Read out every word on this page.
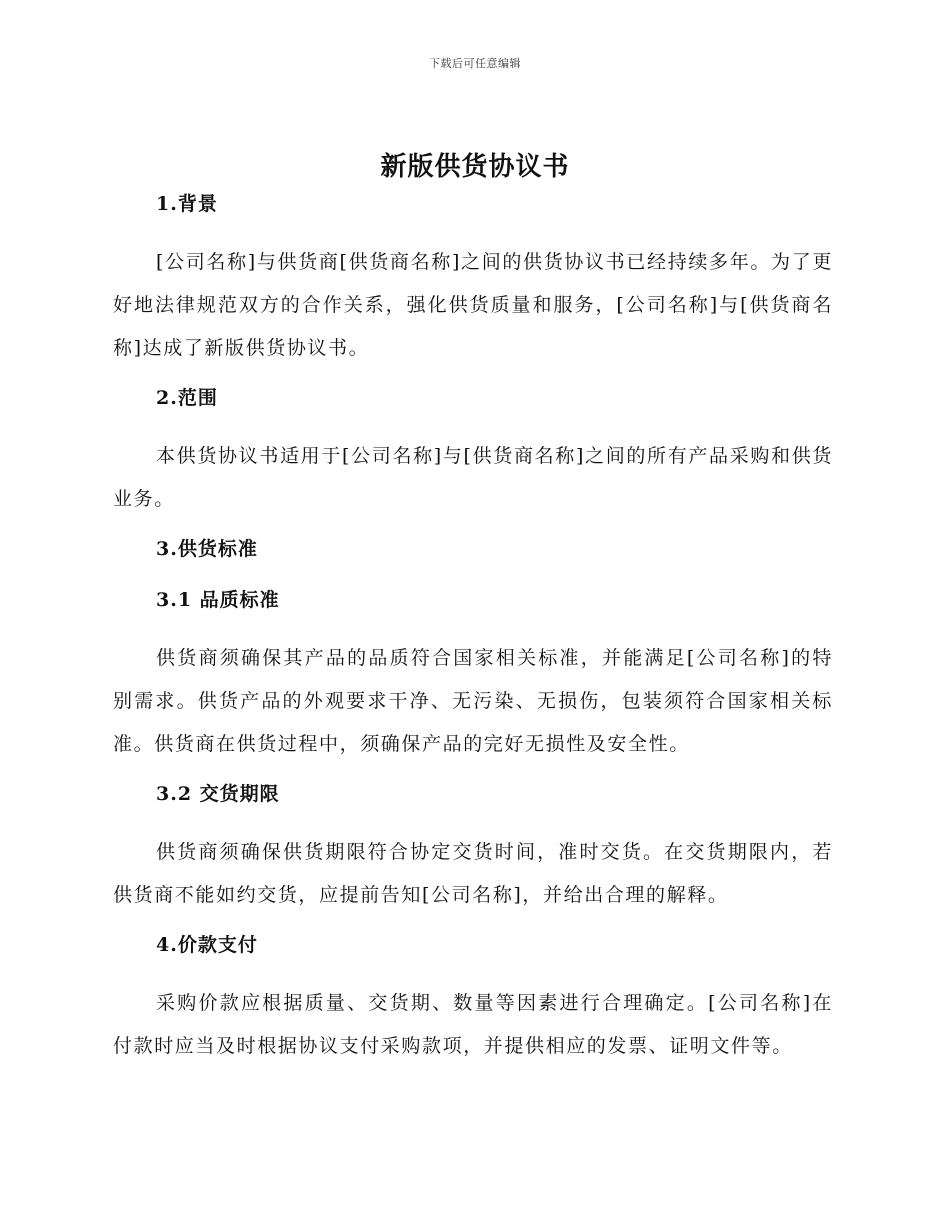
下载后可任意编辑
新版供货协议书

1.背景

[公司名称]与供货商[供货商名称]之间的供货协议书已经持续多年。为了更好地法律规范双方的合作关系，强化供货质量和服务，[公司名称]与[供货商名称]达成了新版供货协议书。

2.范围

本供货协议书适用于[公司名称]与[供货商名称]之间的所有产品采购和供货业务。

3.供货标准

3.1 品质标准

供货商须确保其产品的品质符合国家相关标准，并能满足[公司名称]的特别需求。供货产品的外观要求干净、无污染、无损伤，包装须符合国家相关标准。供货商在供货过程中，须确保产品的完好无损性及安全性。

3.2 交货期限

供货商须确保供货期限符合协定交货时间，准时交货。在交货期限内，若供货商不能如约交货，应提前告知[公司名称]，并给出合理的解释。

4.价款支付

采购价款应根据质量、交货期、数量等因素进行合理确定。[公司名称]在付款时应当及时根据协议支付采购款项，并提供相应的发票、证明文件等。
